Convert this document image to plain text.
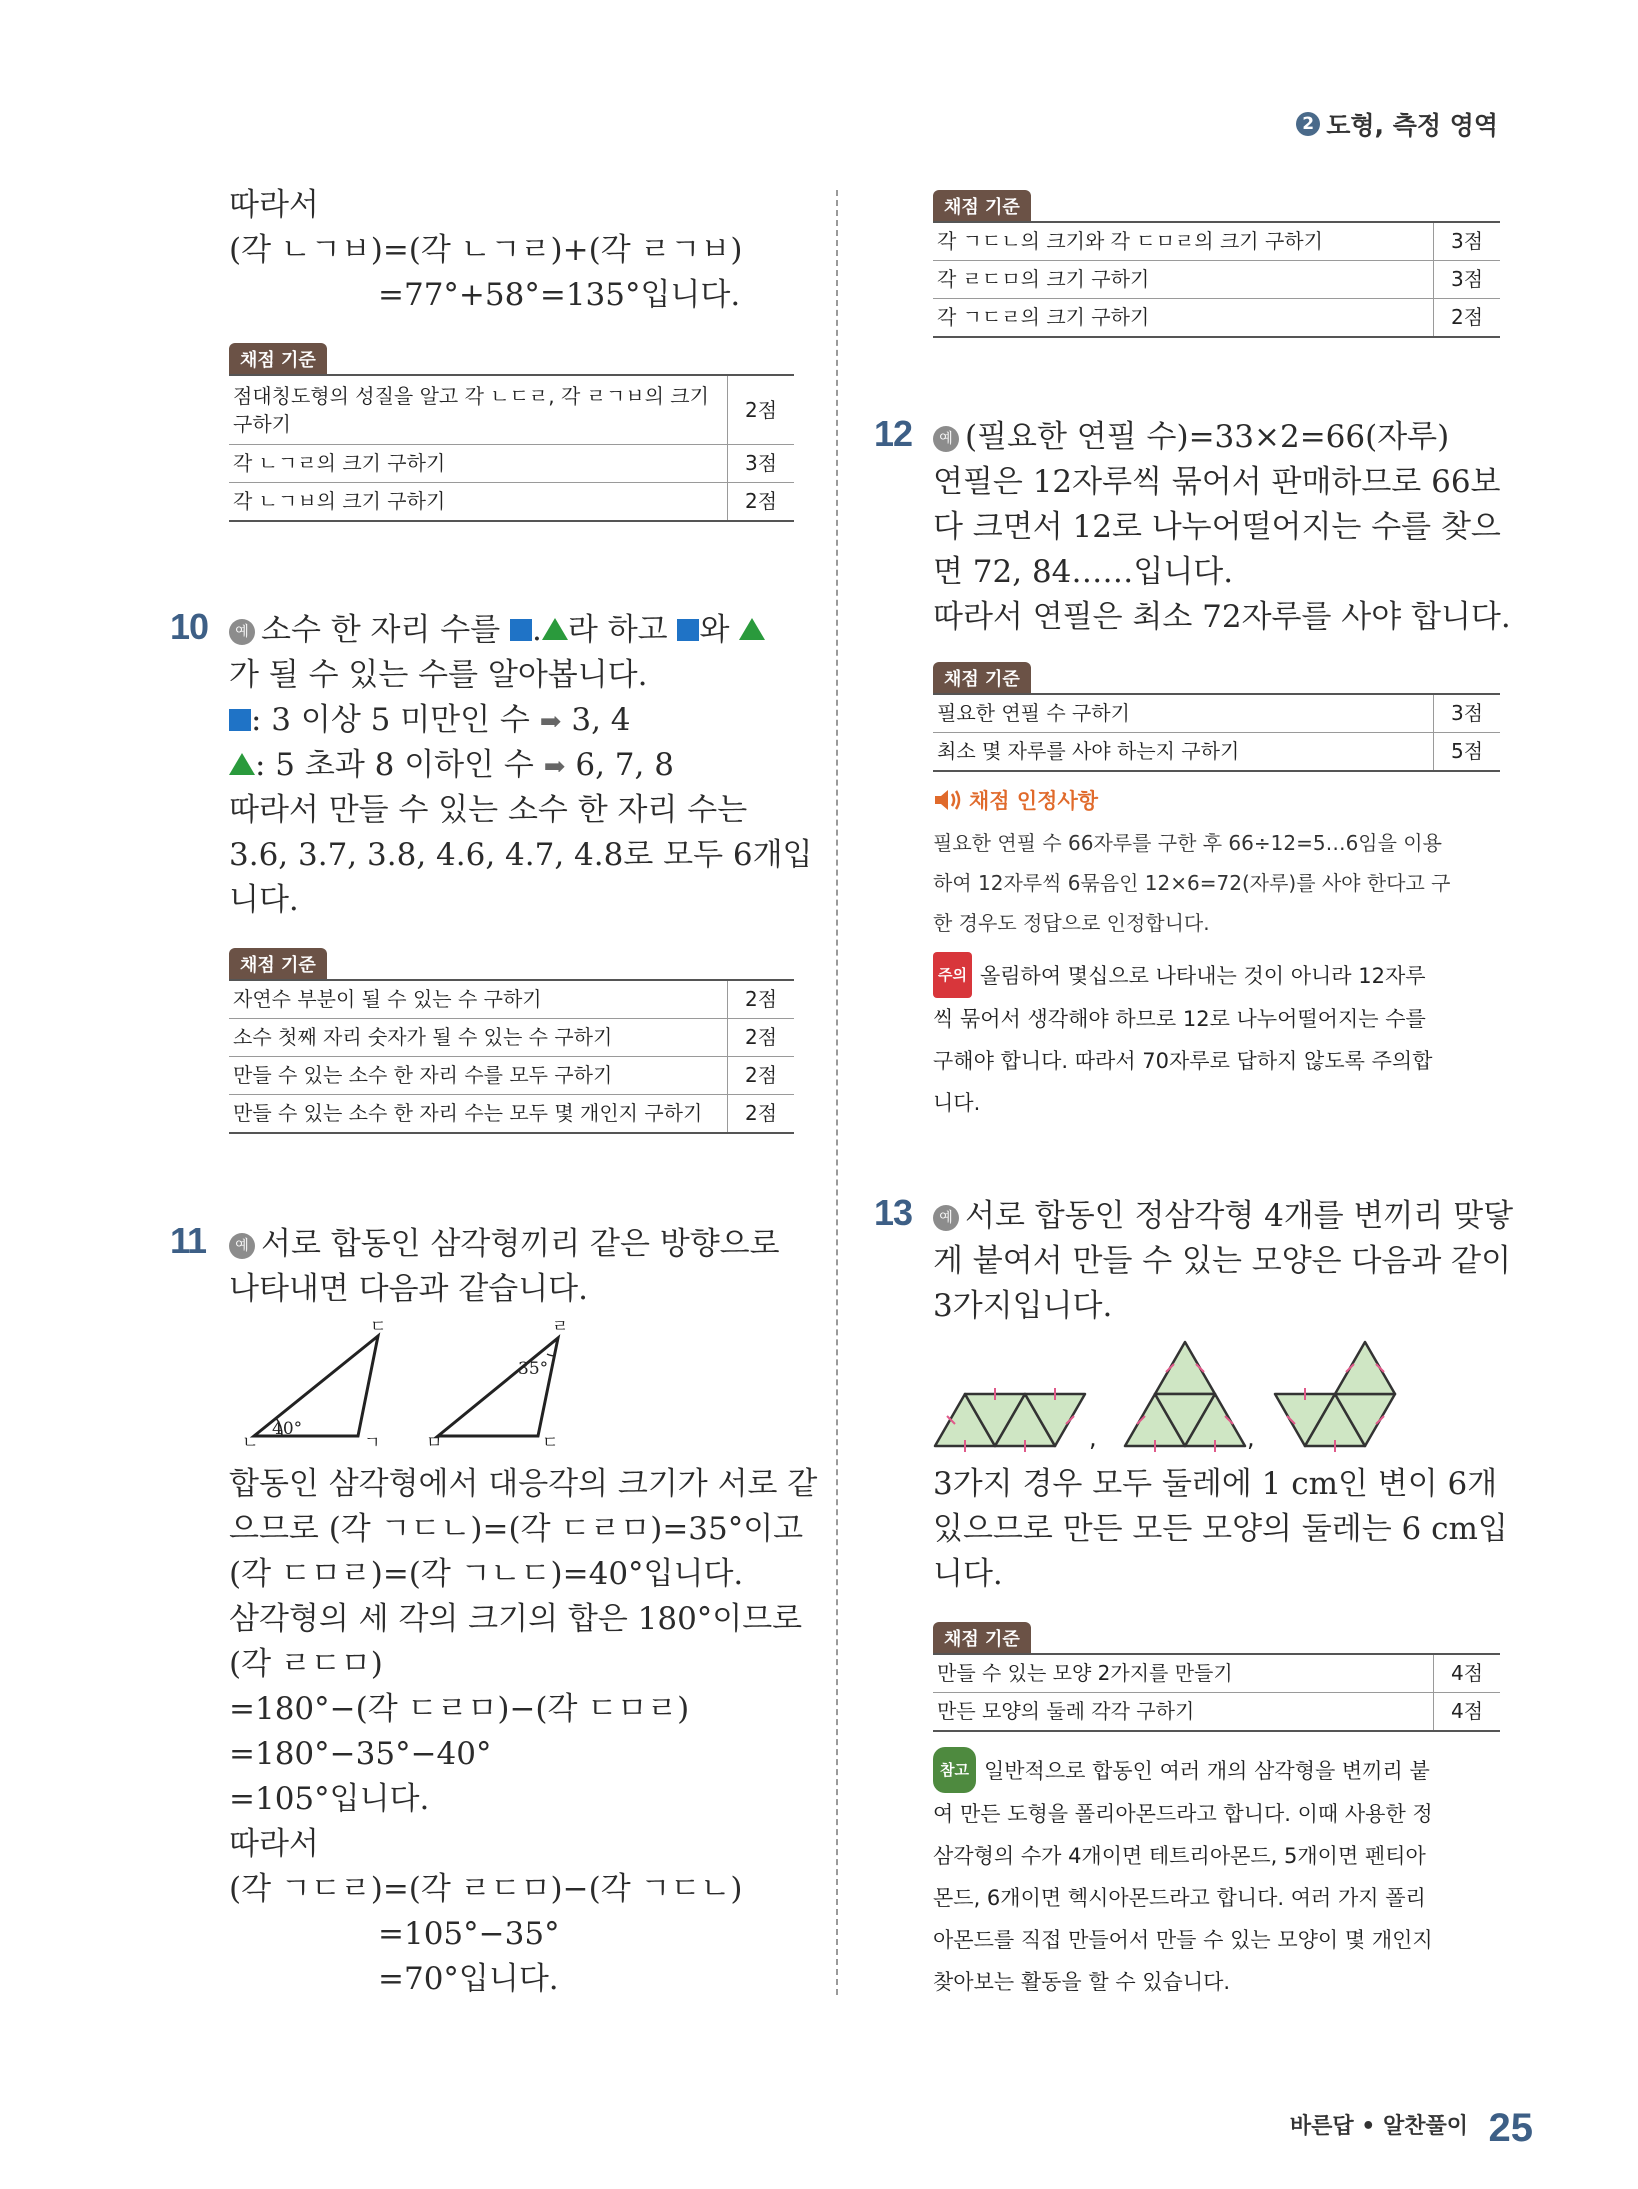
2 도형, 측정 영역
따라서
(각 ㄴㄱㅂ)=(각 ㄴㄱㄹ)+(각 ㄹㄱㅂ)
=77°+58°=135°입니다.
채점 기준
점대칭도형의 성질을 알고 각 ㄴㄷㄹ, 각 ㄹㄱㅂ의 크기 구하기	2점
각 ㄴㄱㄹ의 크기 구하기	3점
각 ㄴㄱㅂ의 크기 구하기	2점
10	예 소수 한 자리 수를 . 라 하고 와
가 될 수 있는 수를 알아봅니다.
: 3 이상 5 미만인 수 ➡ 3, 4
: 5 초과 8 이하인 수 ➡ 6, 7, 8
따라서 만들 수 있는 소수 한 자리 수는
3.6, 3.7, 3.8, 4.6, 4.7, 4.8로 모두 6개입
니다.
채점 기준
자연수 부분이 될 수 있는 수 구하기	2점
소수 첫째 자리 숫자가 될 수 있는 수 구하기	2점
만들 수 있는 소수 한 자리 수를 모두 구하기	2점
만들 수 있는 소수 한 자리 수는 모두 몇 개인지 구하기	2점
11	예 서로 합동인 삼각형끼리 같은 방향으로
나타내면 다음과 같습니다.
ㄷ
ㄴ	ㄱ
40°
ㄹ
ㅁ	ㄷ
35°
합동인 삼각형에서 대응각의 크기가 서로 같
으므로 (각 ㄱㄷㄴ)=(각 ㄷㄹㅁ)=35°이고
(각 ㄷㅁㄹ)=(각 ㄱㄴㄷ)=40°입니다.
삼각형의 세 각의 크기의 합은 180°이므로
(각 ㄹㄷㅁ)
=180°−(각 ㄷㄹㅁ)−(각 ㄷㅁㄹ)
=180°−35°−40°
=105°입니다.
따라서
(각 ㄱㄷㄹ)=(각 ㄹㄷㅁ)−(각 ㄱㄷㄴ)
=105°−35°
=70°입니다.
채점 기준
각 ㄱㄷㄴ의 크기와 각 ㄷㅁㄹ의 크기 구하기	3점
각 ㄹㄷㅁ의 크기 구하기	3점
각 ㄱㄷㄹ의 크기 구하기	2점
12	예 (필요한 연필 수)=33×2=66(자루)
연필은 12자루씩 묶어서 판매하므로 66보
다 크면서 12로 나누어떨어지는 수를 찾으
면 72, 84……입니다.
따라서 연필은 최소 72자루를 사야 합니다.
채점 기준
필요한 연필 수 구하기	3점
최소 몇 자루를 사야 하는지 구하기	5점
채점 인정사항
필요한 연필 수 66자루를 구한 후 66÷12=5…6임을 이용
하여 12자루씩 6묶음인 12×6=72(자루)를 사야 한다고 구
한 경우도 정답으로 인정합니다.
주의 올림하여 몇십으로 나타내는 것이 아니라 12자루
씩 묶어서 생각해야 하므로 12로 나누어떨어지는 수를
구해야 합니다. 따라서 70자루로 답하지 않도록 주의합
니다.
13	예 서로 합동인 정삼각형 4개를 변끼리 맞닿
게 붙여서 만들 수 있는 모양은 다음과 같이
3가지입니다.
,	,
3가지 경우 모두 둘레에 1 cm인 변이 6개
있으므로 만든 모든 모양의 둘레는 6 cm입
니다.
채점 기준
만들 수 있는 모양 2가지를 만들기	4점
만든 모양의 둘레 각각 구하기	4점
참고 일반적으로 합동인 여러 개의 삼각형을 변끼리 붙
여 만든 도형을 폴리아몬드라고 합니다. 이때 사용한 정
삼각형의 수가 4개이면 테트리아몬드, 5개이면 펜티아
몬드, 6개이면 헥시아몬드라고 합니다. 여러 가지 폴리
아몬드를 직접 만들어서 만들 수 있는 모양이 몇 개인지
찾아보는 활동을 할 수 있습니다.
바른답 • 알찬풀이 25
